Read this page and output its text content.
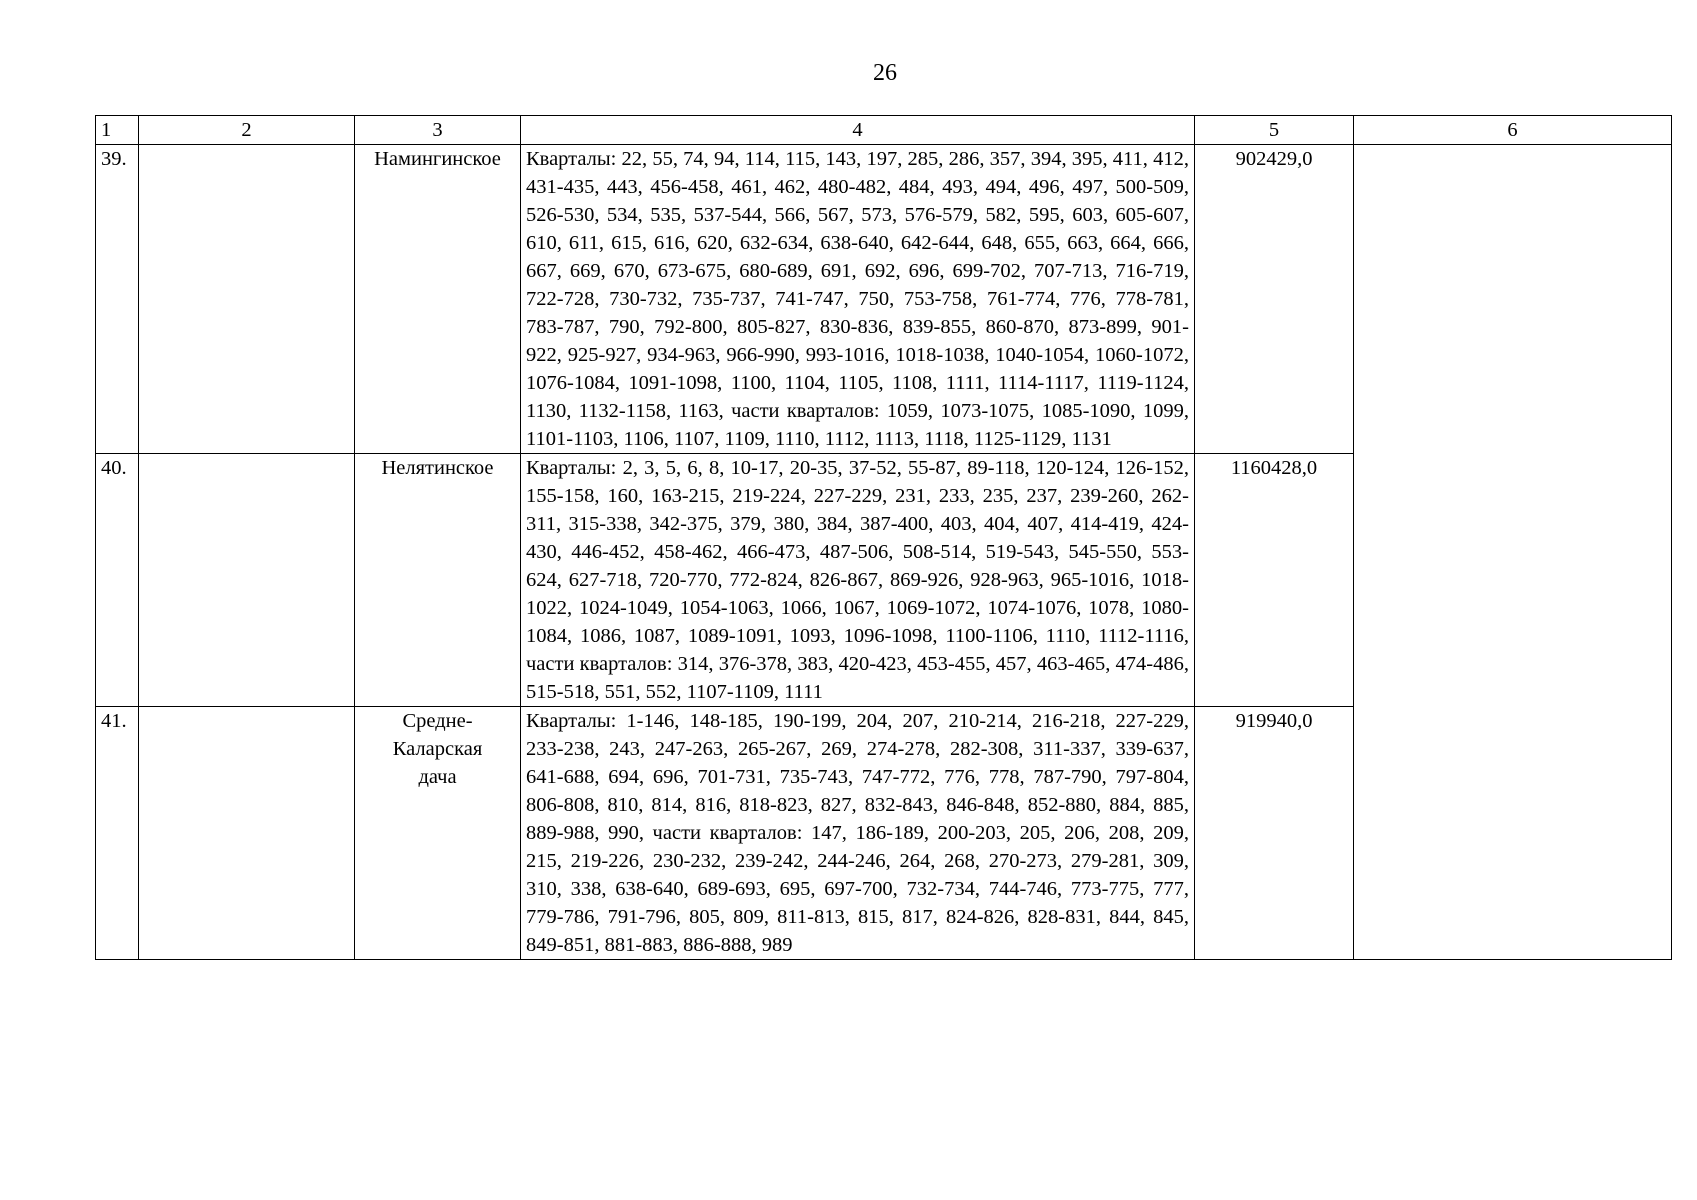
26
1	2	3	4	5	6
39.		Намингинское	Кварталы: 22, 55, 74, 94, 114, 115, 143, 197, 285, 286, 357, 394, 395, 411, 412, 431-435, 443, 456-458, 461, 462, 480-482, 484, 493, 494, 496, 497, 500-509, 526-530, 534, 535, 537-544, 566, 567, 573, 576-579, 582, 595, 603, 605-607, 610, 611, 615, 616, 620, 632-634, 638-640, 642-644, 648, 655, 663, 664, 666, 667, 669, 670, 673-675, 680-689, 691, 692, 696, 699-702, 707-713, 716-719, 722-728, 730-732, 735-737, 741-747, 750, 753-758, 761-774, 776, 778-781, 783-787, 790, 792-800, 805-827, 830-836, 839-855, 860-870, 873-899, 901-922, 925-927, 934-963, 966-990, 993-1016, 1018-1038, 1040-1054, 1060-1072, 1076-1084, 1091-1098, 1100, 1104, 1105, 1108, 1111, 1114-1117, 1119-1124, 1130, 1132-1158, 1163, части кварталов: 1059, 1073-1075, 1085-1090, 1099, 1101-1103, 1106, 1107, 1109, 1110, 1112, 1113, 1118, 1125-1129, 1131	902429,0	
40.		Нелятинское	Кварталы: 2, 3, 5, 6, 8, 10-17, 20-35, 37-52, 55-87, 89-118, 120-124, 126-152, 155-158, 160, 163-215, 219-224, 227-229, 231, 233, 235, 237, 239-260, 262-311, 315-338, 342-375, 379, 380, 384, 387-400, 403, 404, 407, 414-419, 424-430, 446-452, 458-462, 466-473, 487-506, 508-514, 519-543, 545-550, 553-624, 627-718, 720-770, 772-824, 826-867, 869-926, 928-963, 965-1016, 1018-1022, 1024-1049, 1054-1063, 1066, 1067, 1069-1072, 1074-1076, 1078, 1080-1084, 1086, 1087, 1089-1091, 1093, 1096-1098, 1100-1106, 1110, 1112-1116, части кварталов: 314, 376-378, 383, 420-423, 453-455, 457, 463-465, 474-486, 515-518, 551, 552, 1107-1109, 1111	1160428,0	
41.		Средне-Каларская дача	Кварталы: 1-146, 148-185, 190-199, 204, 207, 210-214, 216-218, 227-229, 233-238, 243, 247-263, 265-267, 269, 274-278, 282-308, 311-337, 339-637, 641-688, 694, 696, 701-731, 735-743, 747-772, 776, 778, 787-790, 797-804, 806-808, 810, 814, 816, 818-823, 827, 832-843, 846-848, 852-880, 884, 885, 889-988, 990, части кварталов: 147, 186-189, 200-203, 205, 206, 208, 209, 215, 219-226, 230-232, 239-242, 244-246, 264, 268, 270-273, 279-281, 309, 310, 338, 638-640, 689-693, 695, 697-700, 732-734, 744-746, 773-775, 777, 779-786, 791-796, 805, 809, 811-813, 815, 817, 824-826, 828-831, 844, 845, 849-851, 881-883, 886-888, 989	919940,0	
